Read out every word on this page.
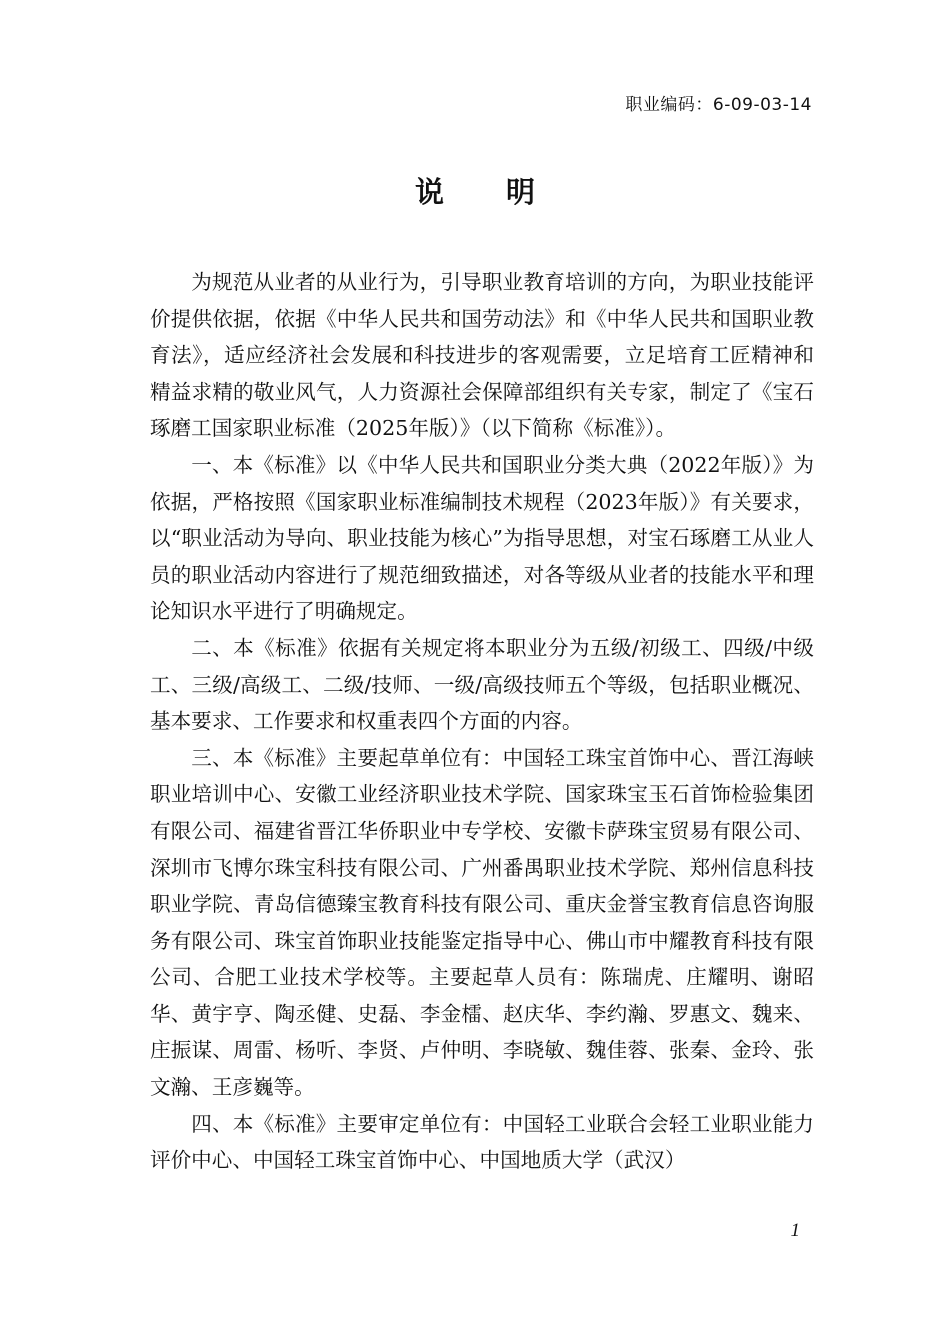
职业编码：6-09-03-14
说明

为规范从业者的从业行为，引导职业教育培训的方向，为职业技能评价提供依据，依据《中华人民共和国劳动法》和《中华人民共和国职业教育法》，适应经济社会发展和科技进步的客观需要，立足培育工匠精神和精益求精的敬业风气，人力资源社会保障部组织有关专家，制定了《宝石琢磨工国家职业标准（2025年版）》（以下简称《标准》）。

一、本《标准》以《中华人民共和国职业分类大典（2022年版）》为依据，严格按照《国家职业标准编制技术规程（2023年版）》有关要求，以“职业活动为导向、职业技能为核心”为指导思想，对宝石琢磨工从业人员的职业活动内容进行了规范细致描述，对各等级从业者的技能水平和理论知识水平进行了明确规定。

二、本《标准》依据有关规定将本职业分为五级/初级工、四级/中级工、三级/高级工、二级/技师、一级/高级技师五个等级，包括职业概况、基本要求、工作要求和权重表四个方面的内容。

三、本《标准》主要起草单位有：中国轻工珠宝首饰中心、晋江海峡职业培训中心、安徽工业经济职业技术学院、国家珠宝玉石首饰检验集团有限公司、福建省晋江华侨职业中专学校、安徽卡萨珠宝贸易有限公司、深圳市飞博尔珠宝科技有限公司、广州番禺职业技术学院、郑州信息科技职业学院、青岛信德臻宝教育科技有限公司、重庆金誉宝教育信息咨询服务有限公司、珠宝首饰职业技能鉴定指导中心、佛山市中耀教育科技有限公司、合肥工业技术学校等。主要起草人员有：陈瑞虎、庄耀明、谢昭华、黄宇亨、陶丞健、史磊、李金檑、赵庆华、李约瀚、罗惠文、魏来、庄振谋、周雷、杨听、李贤、卢仲明、李晓敏、魏佳蓉、张秦、金玲、张文瀚、王彦巍等。

四、本《标准》主要审定单位有：中国轻工业联合会轻工业职业能力评价中心、中国轻工珠宝首饰中心、中国地质大学（武汉）

1
